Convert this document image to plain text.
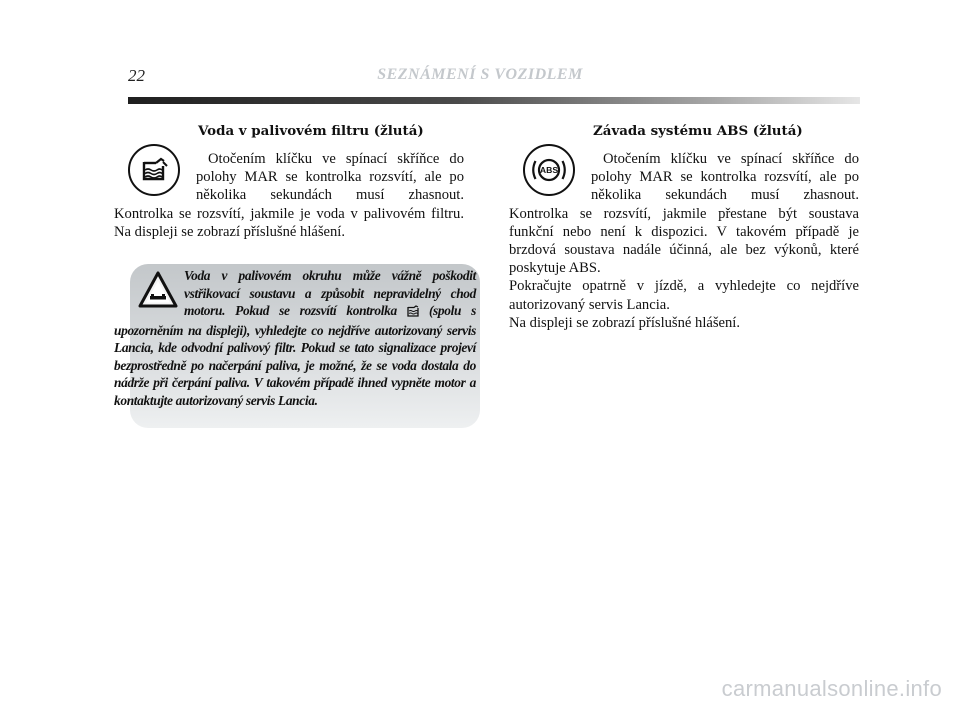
22	SEZNÁMENÍ S VOZIDLEM
Voda v palivovém filtru (žlutá)

Otočením klíčku ve spínací skříňce do polohy MAR se kontrolka rozsvítí, ale po několika sekundách musí zhasnout. Kontrolka se rozsvítí, jakmile je voda v palivovém filtru. Na displeji se zobrazí příslušné hlášení.

Voda v palivovém okruhu může vážně poškodit vstřikovací soustavu a způsobit nepravidelný chod motoru. Pokud se rozsvítí kontrolka (spolu s upozorněním na displeji), vyhledejte co nejdříve autorizovaný servis Lancia, kde odvodní palivový filtr. Pokud se tato signalizace projeví bezprostředně po načerpání paliva, je možné, že se voda dostala do nádrže při čerpání paliva. V takovém případě ihned vypněte motor a kontaktujte autorizovaný servis Lancia.

Závada systému ABS (žlutá)
ABS

Otočením klíčku ve spínací skříňce do polohy MAR se kontrolka rozsvítí, ale po několika sekundách musí zhasnout. Kontrolka se rozsvítí, jakmile přestane být soustava funkční nebo není k dispozici. V takovém případě je brzdová soustava nadále účinná, ale bez výkonů, které poskytuje ABS.

Pokračujte opatrně v jízdě, a vyhledejte co nejdříve autorizovaný servis Lancia.

Na displeji se zobrazí příslušné hlášení.

carmanualsonline.info
